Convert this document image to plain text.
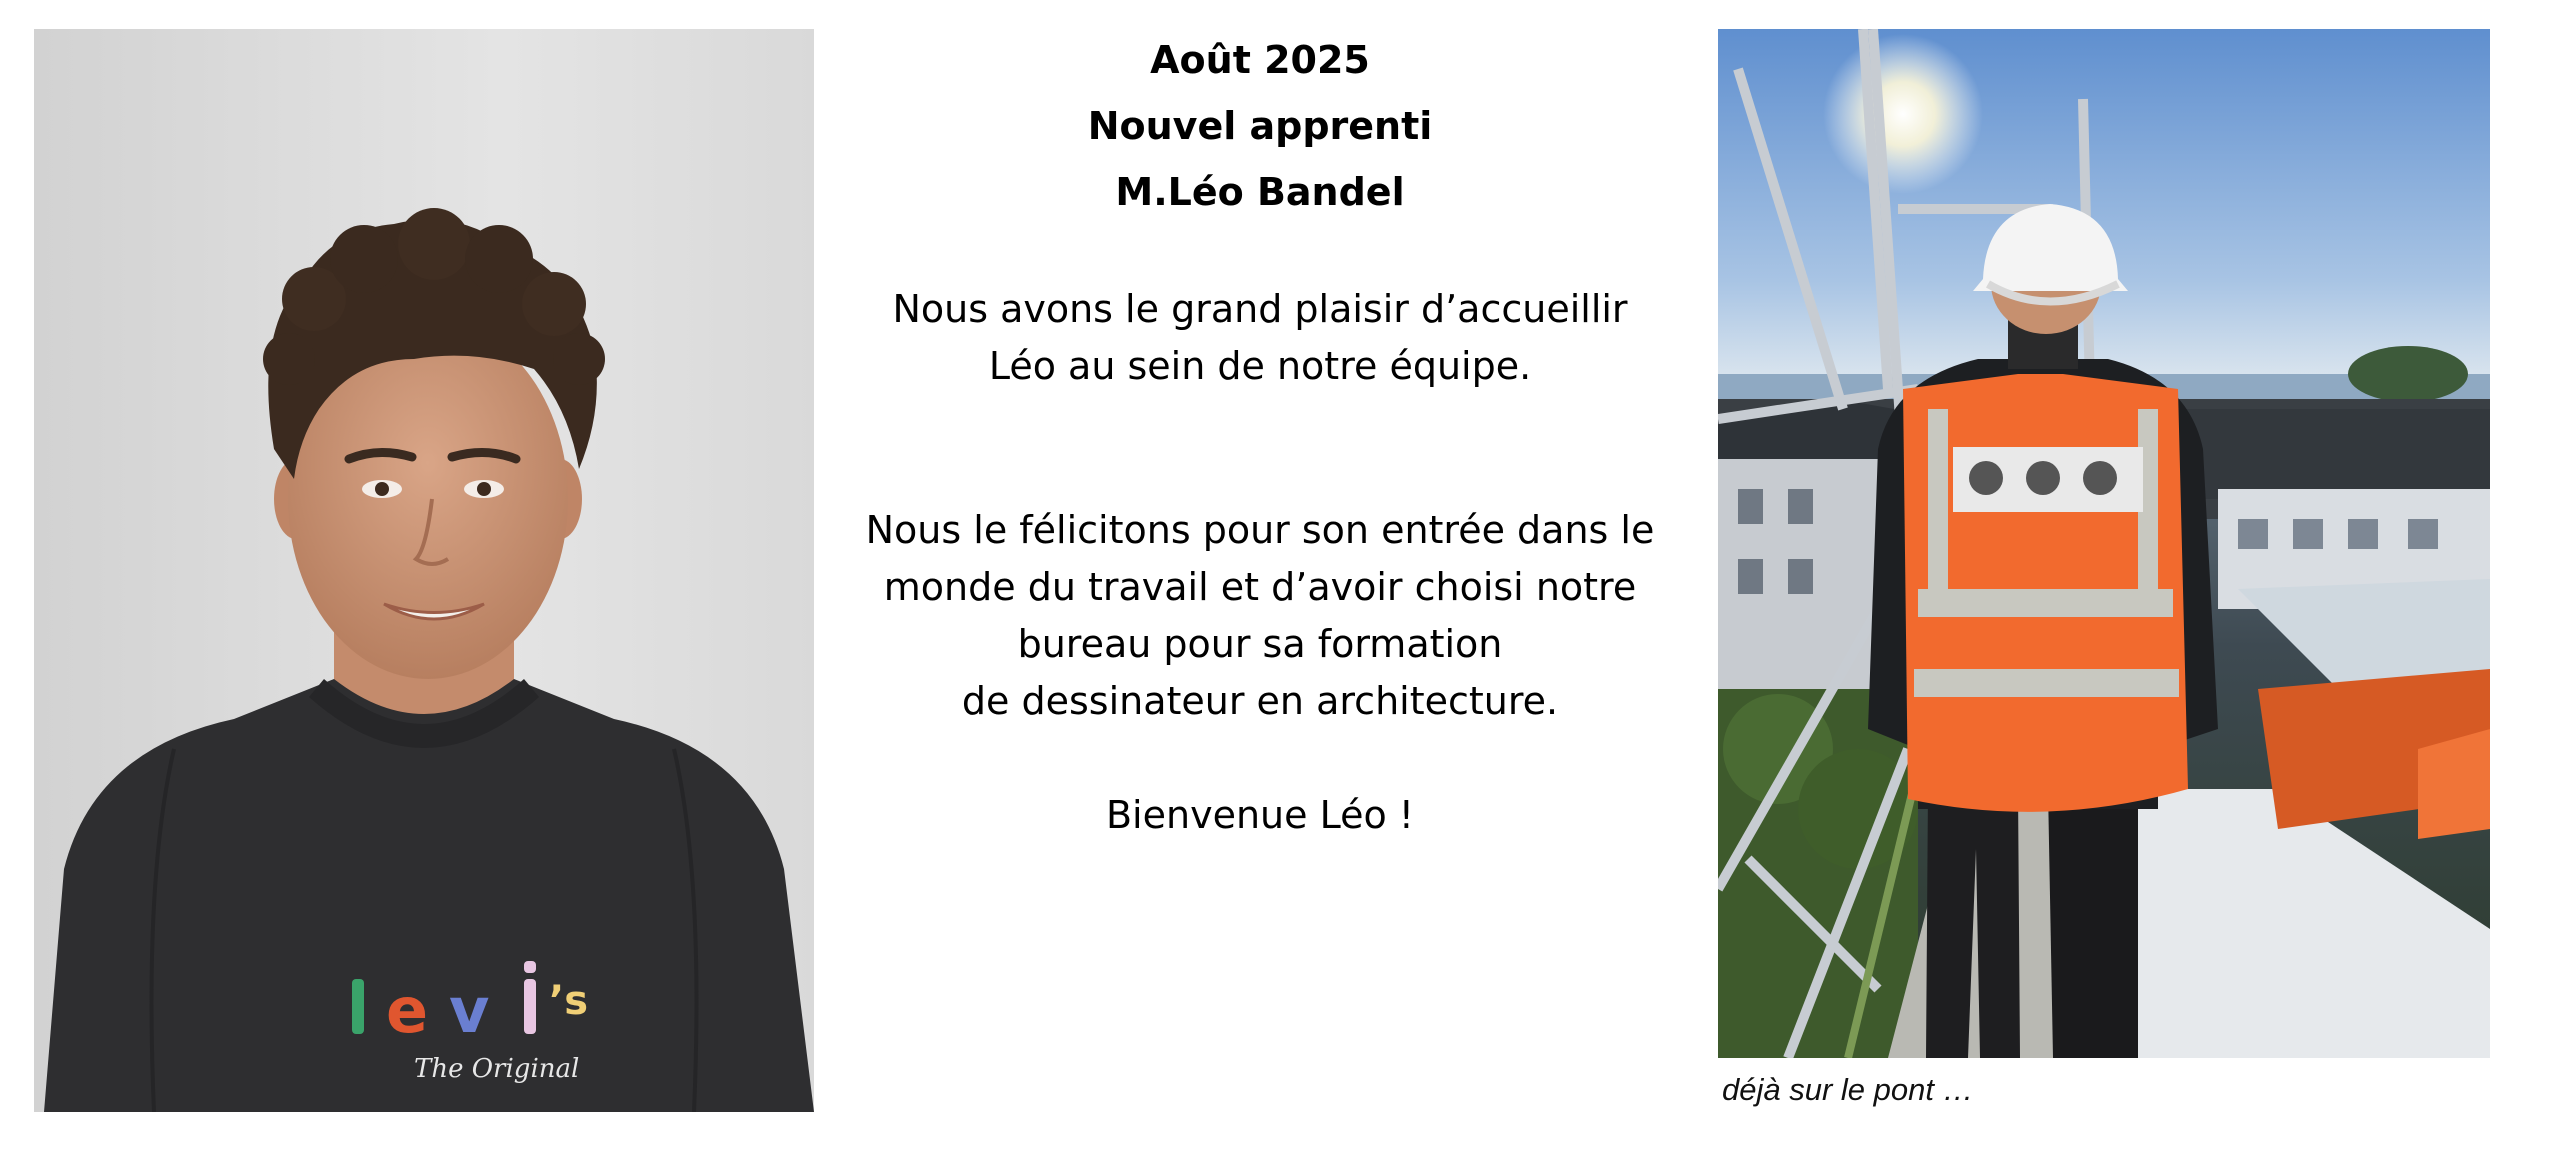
e v ’s
The Original
Août 2025
Nouvel apprenti
M.Léo Bandel
Nous avons le grand plaisir d’accueillir
Léo au sein de notre équipe.
Nous le félicitons pour son entrée dans le
monde du travail et d’avoir choisi notre
bureau pour sa formation
de dessinateur en architecture.
Bienvenue Léo !
déjà sur le pont …
